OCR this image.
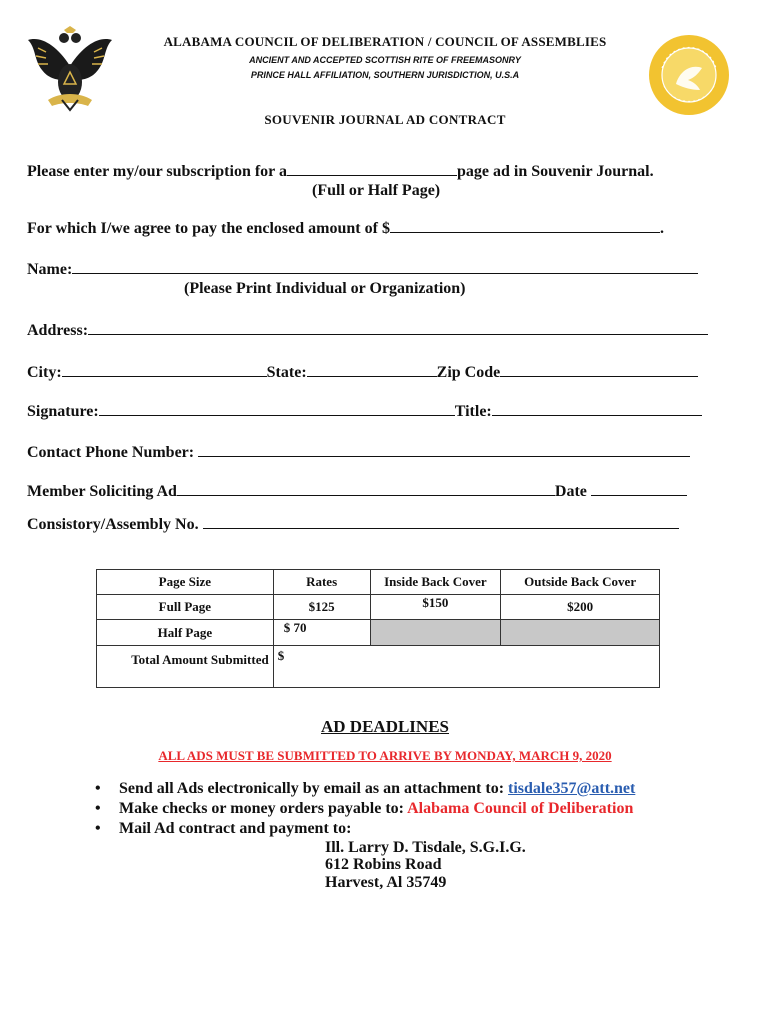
ALABAMA COUNCIL OF DELIBERATION / COUNCIL OF ASSEMBLIES
ANCIENT AND ACCEPTED SCOTTISH RITE OF FREEMASONRY
PRINCE HALL AFFILIATION, SOUTHERN JURISDICTION, U.S.A
SOUVENIR JOURNAL AD CONTRACT
Please enter my/our subscription for a	page ad in Souvenir Journal.
(Full or Half Page)
For which I/we agree to pay the enclosed amount of $	.
Name:
(Please Print Individual or Organization)
Address:
City:	State:	Zip Code
Signature:	Title:
Contact Phone Number:
Member Soliciting Ad	Date
Consistory/Assembly No.
Page Size	Rates	Inside Back Cover	Outside Back Cover
Full Page	$125	$150	$200
Half Page	$ 70		
Total Amount Submitted	$		
AD DEADLINES
ALL ADS MUST BE SUBMITTED TO ARRIVE BY MONDAY, MARCH 9, 2020
• Send all Ads electronically by email as an attachment to: tisdale357@att.net
• Make checks or money orders payable to: Alabama Council of Deliberation
• Mail Ad contract and payment to:
Ill. Larry D. Tisdale, S.G.I.G.
612 Robins Road
Harvest, Al 35749
